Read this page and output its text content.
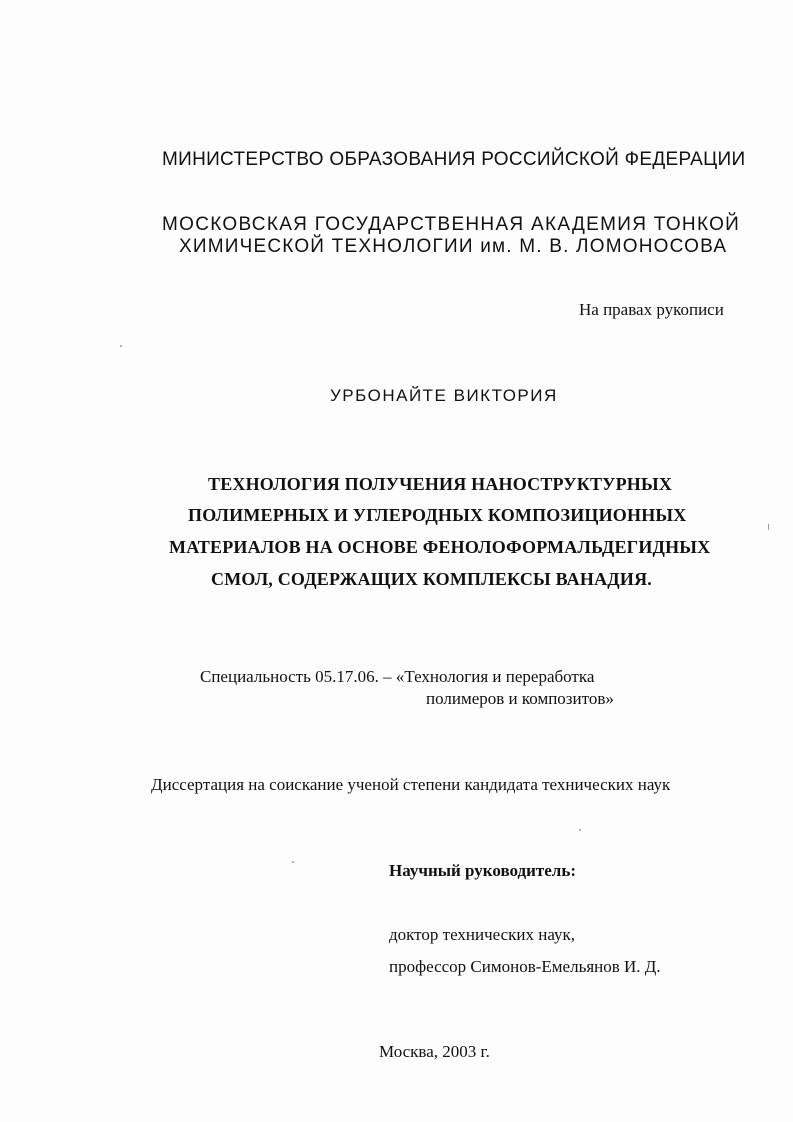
МИНИСТЕРСТВО ОБРАЗОВАНИЯ РОССИЙСКОЙ ФЕДЕРАЦИИ
МОСКОВСКАЯ ГОСУДАРСТВЕННАЯ АКАДЕМИЯ ТОНКОЙ
ХИМИЧЕСКОЙ ТЕХНОЛОГИИ им. М. В. ЛОМОНОСОВА
На правах рукописи
УРБОНАЙТЕ ВИКТОРИЯ
ТЕХНОЛОГИЯ ПОЛУЧЕНИЯ НАНОСТРУКТУРНЫХ
ПОЛИМЕРНЫХ И УГЛЕРОДНЫХ КОМПОЗИЦИОННЫХ
МАТЕРИАЛОВ НА ОСНОВЕ ФЕНОЛОФОРМАЛЬДЕГИДНЫХ
СМОЛ, СОДЕРЖАЩИХ КОМПЛЕКСЫ ВАНАДИЯ.
Специальность 05.17.06. – «Технология и переработка
полимеров и композитов»
Диссертация на соискание ученой степени кандидата технических наук
Научный руководитель:
доктор технических наук,
профессор Симонов-Емельянов И. Д.
Москва, 2003 г.
